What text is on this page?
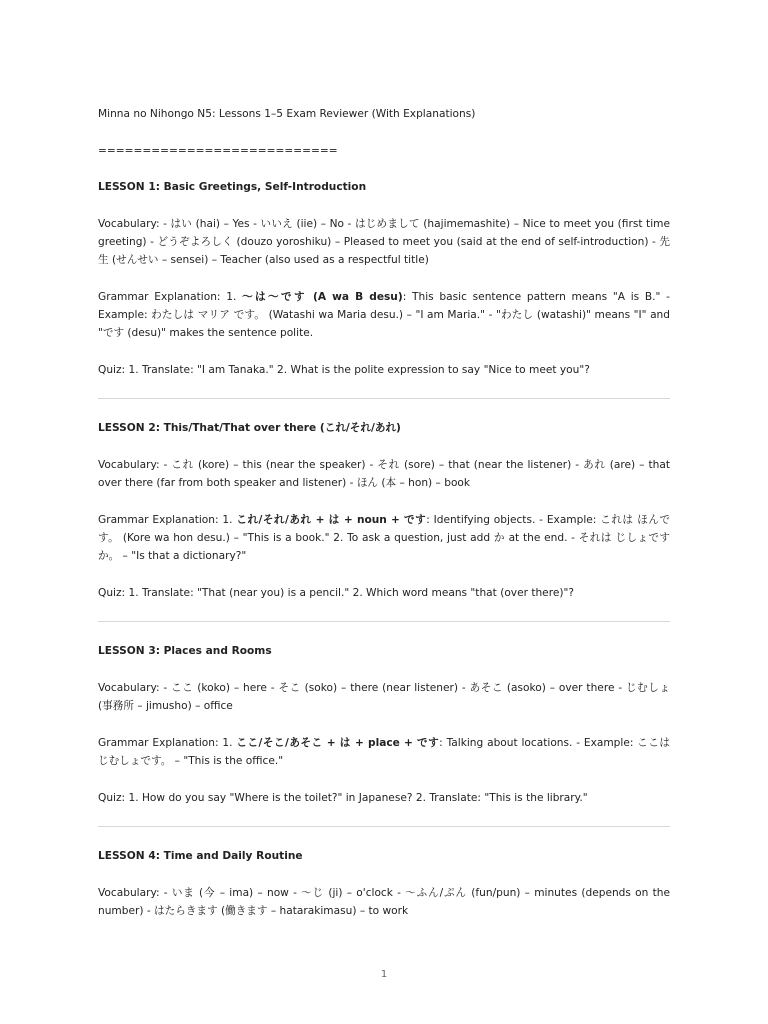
Minna no Nihongo N5: Lessons 1–5 Exam Reviewer (With Explanations)

===========================

LESSON 1: Basic Greetings, Self-Introduction

Vocabulary: - はい (hai) – Yes - いいえ (iie) – No - はじめまして (hajimemashite) – Nice to meet you (first time greeting) - どうぞよろしく (douzo yoroshiku) – Pleased to meet you (said at the end of self-introduction) - 先生 (せんせい – sensei) – Teacher (also used as a respectful title)

Grammar Explanation: 1. 〜は〜です (A wa B desu): This basic sentence pattern means "A is B." - Example: わたしは マリア です。 (Watashi wa Maria desu.) – "I am Maria." - "わたし (watashi)" means "I" and "です (desu)" makes the sentence polite.

Quiz: 1. Translate: "I am Tanaka." 2. What is the polite expression to say "Nice to meet you"?

LESSON 2: This/That/That over there (これ/それ/あれ)

Vocabulary: - これ (kore) – this (near the speaker) - それ (sore) – that (near the listener) - あれ (are) – that over there (far from both speaker and listener) - ほん (本 – hon) – book

Grammar Explanation: 1. これ/それ/あれ + は + noun + です: Identifying objects. - Example: これは ほんです。 (Kore wa hon desu.) – "This is a book." 2. To ask a question, just add か at the end. - それは じしょですか。 – "Is that a dictionary?"

Quiz: 1. Translate: "That (near you) is a pencil." 2. Which word means "that (over there)"?

LESSON 3: Places and Rooms

Vocabulary: - ここ (koko) – here - そこ (soko) – there (near listener) - あそこ (asoko) – over there - じむしょ (事務所 – jimusho) – office

Grammar Explanation: 1. ここ/そこ/あそこ + は + place + です: Talking about locations. - Example: ここは じむしょです。 – "This is the office."

Quiz: 1. How do you say "Where is the toilet?" in Japanese? 2. Translate: "This is the library."

LESSON 4: Time and Daily Routine

Vocabulary: - いま (今 – ima) – now - 〜じ (ji) – o'clock - 〜ふん/ぷん (fun/pun) – minutes (depends on the number) - はたらきます (働きます – hatarakimasu) – to work

1
